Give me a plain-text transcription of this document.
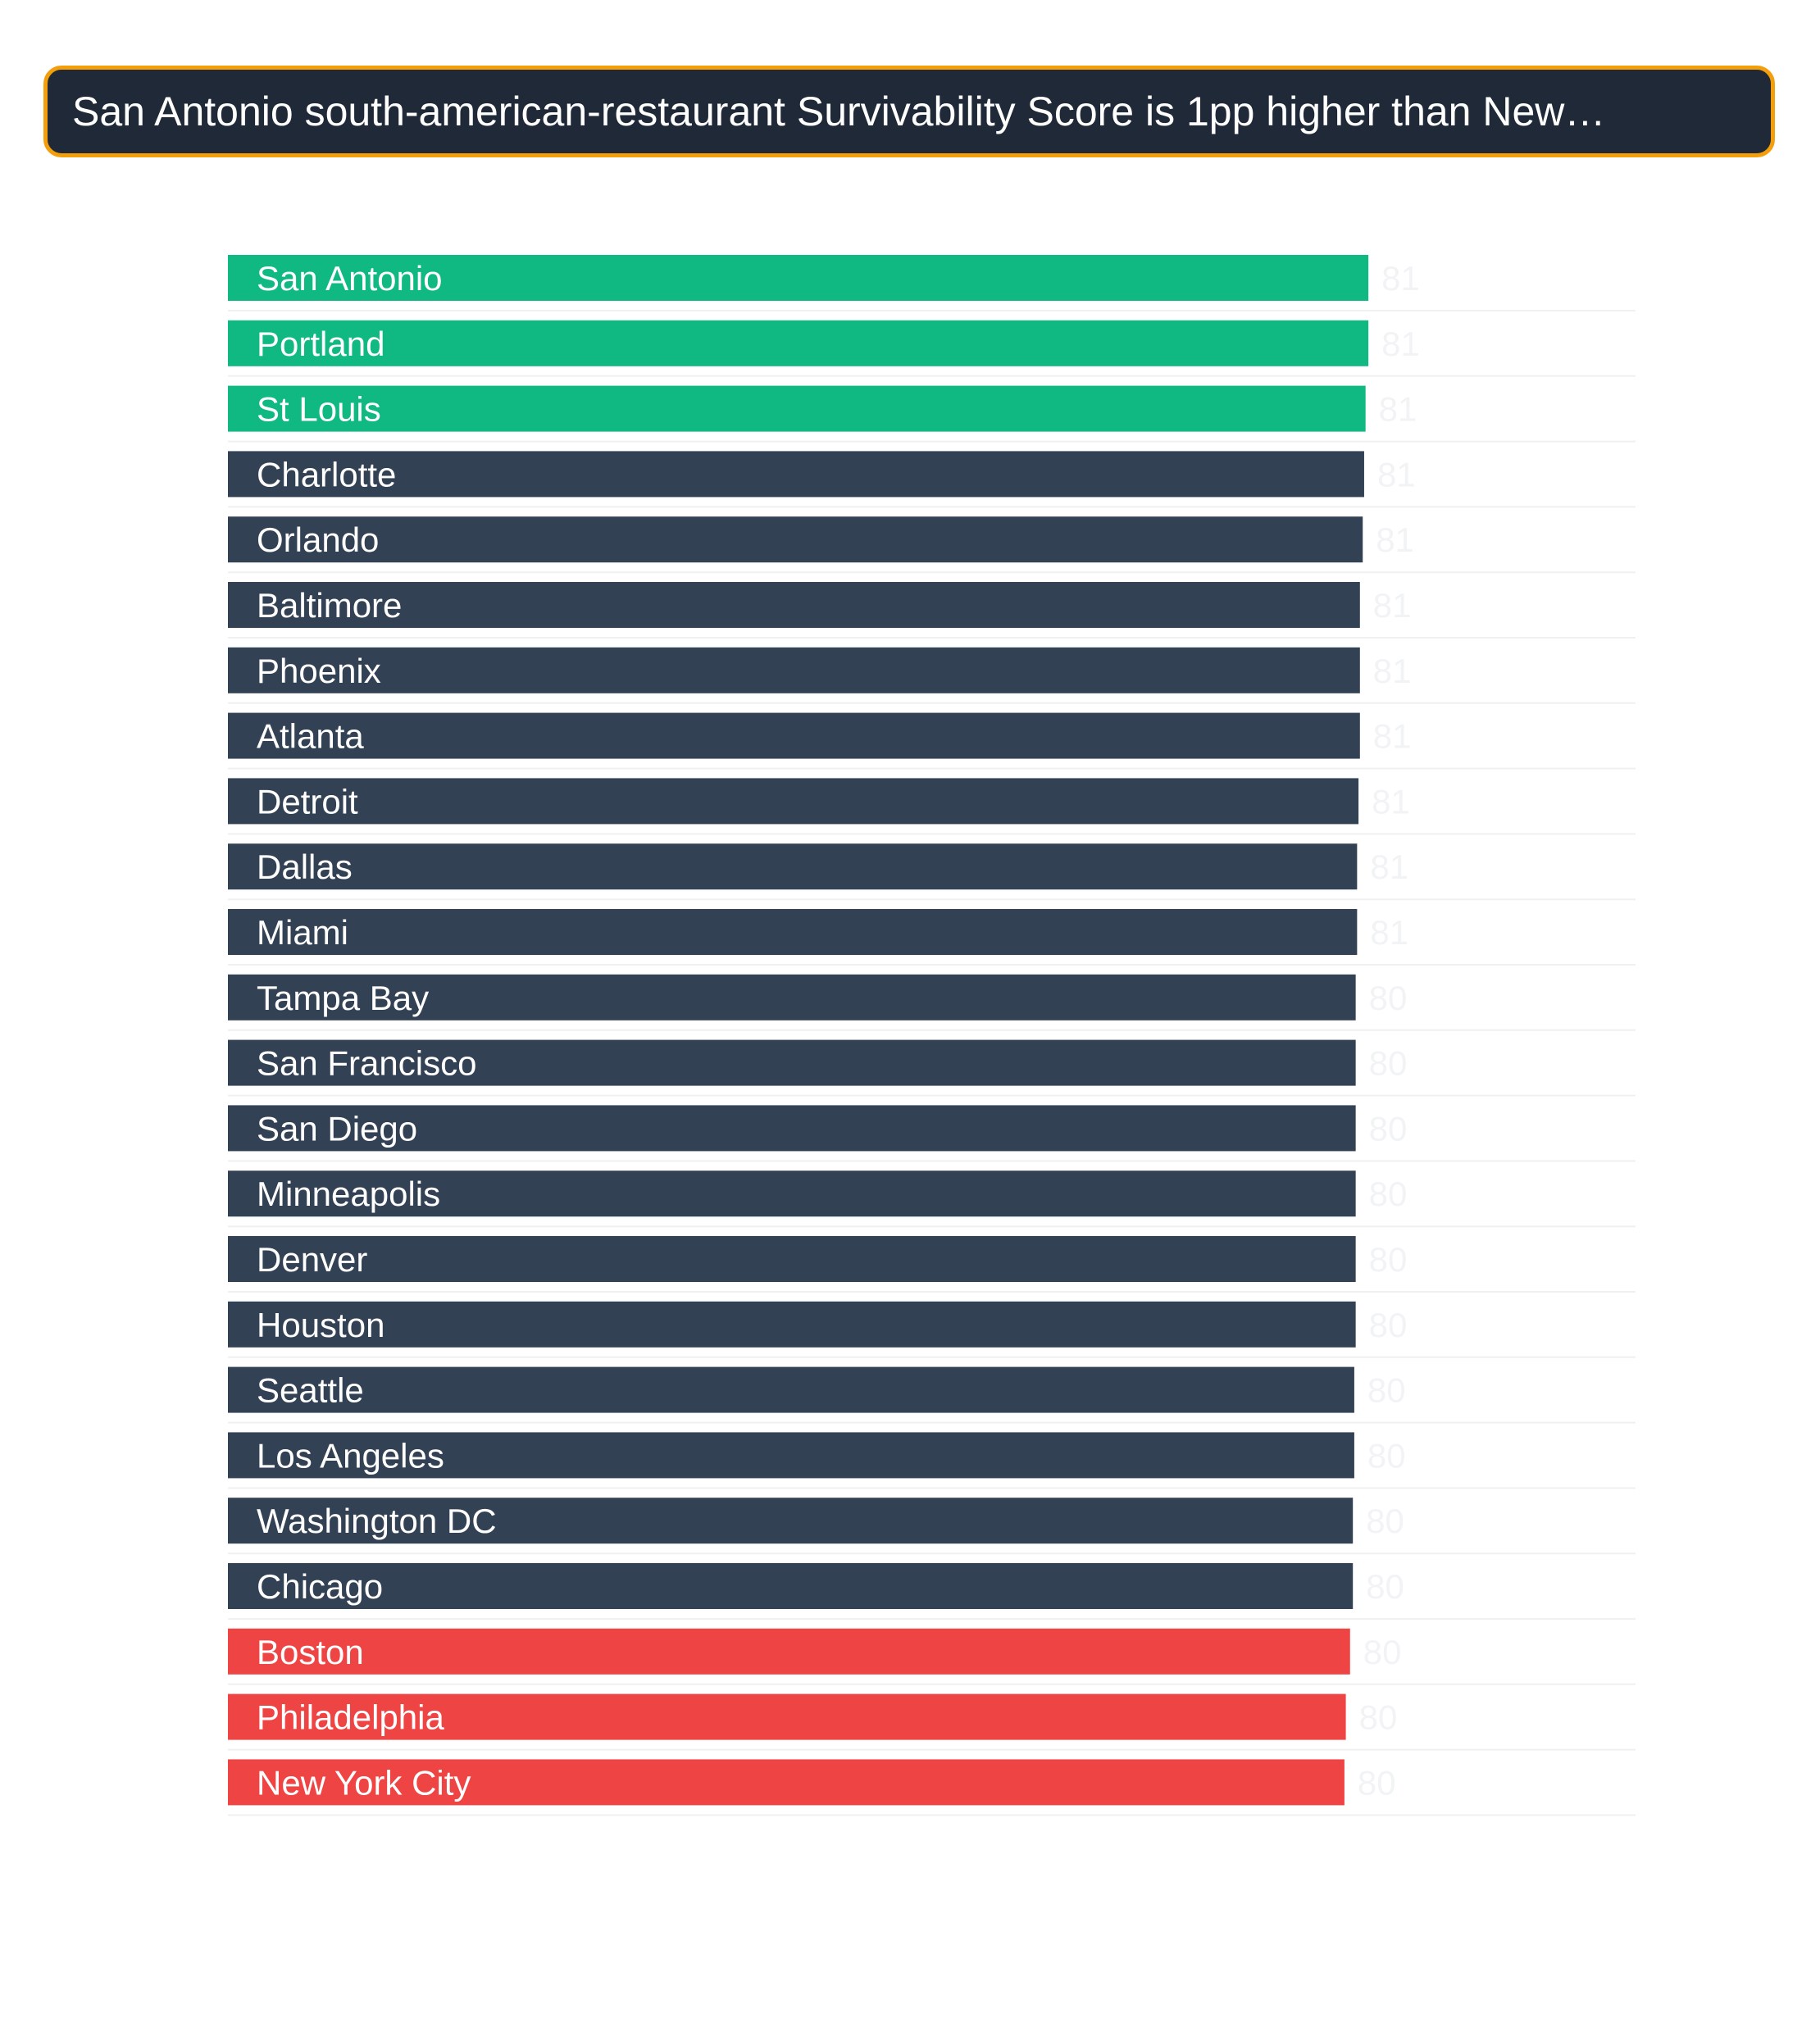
San Antonio south-american-restaurant Survivability Score is 1pp higher than New…
San Antonio	81
Portland	81
St Louis	81
Charlotte	81
Orlando	81
Baltimore	81
Phoenix	81
Atlanta	81
Detroit	81
Dallas	81
Miami	81
Tampa Bay	80
San Francisco	80
San Diego	80
Minneapolis	80
Denver	80
Houston	80
Seattle	80
Los Angeles	80
Washington DC	80
Chicago	80
Boston	80
Philadelphia	80
New York City	80
